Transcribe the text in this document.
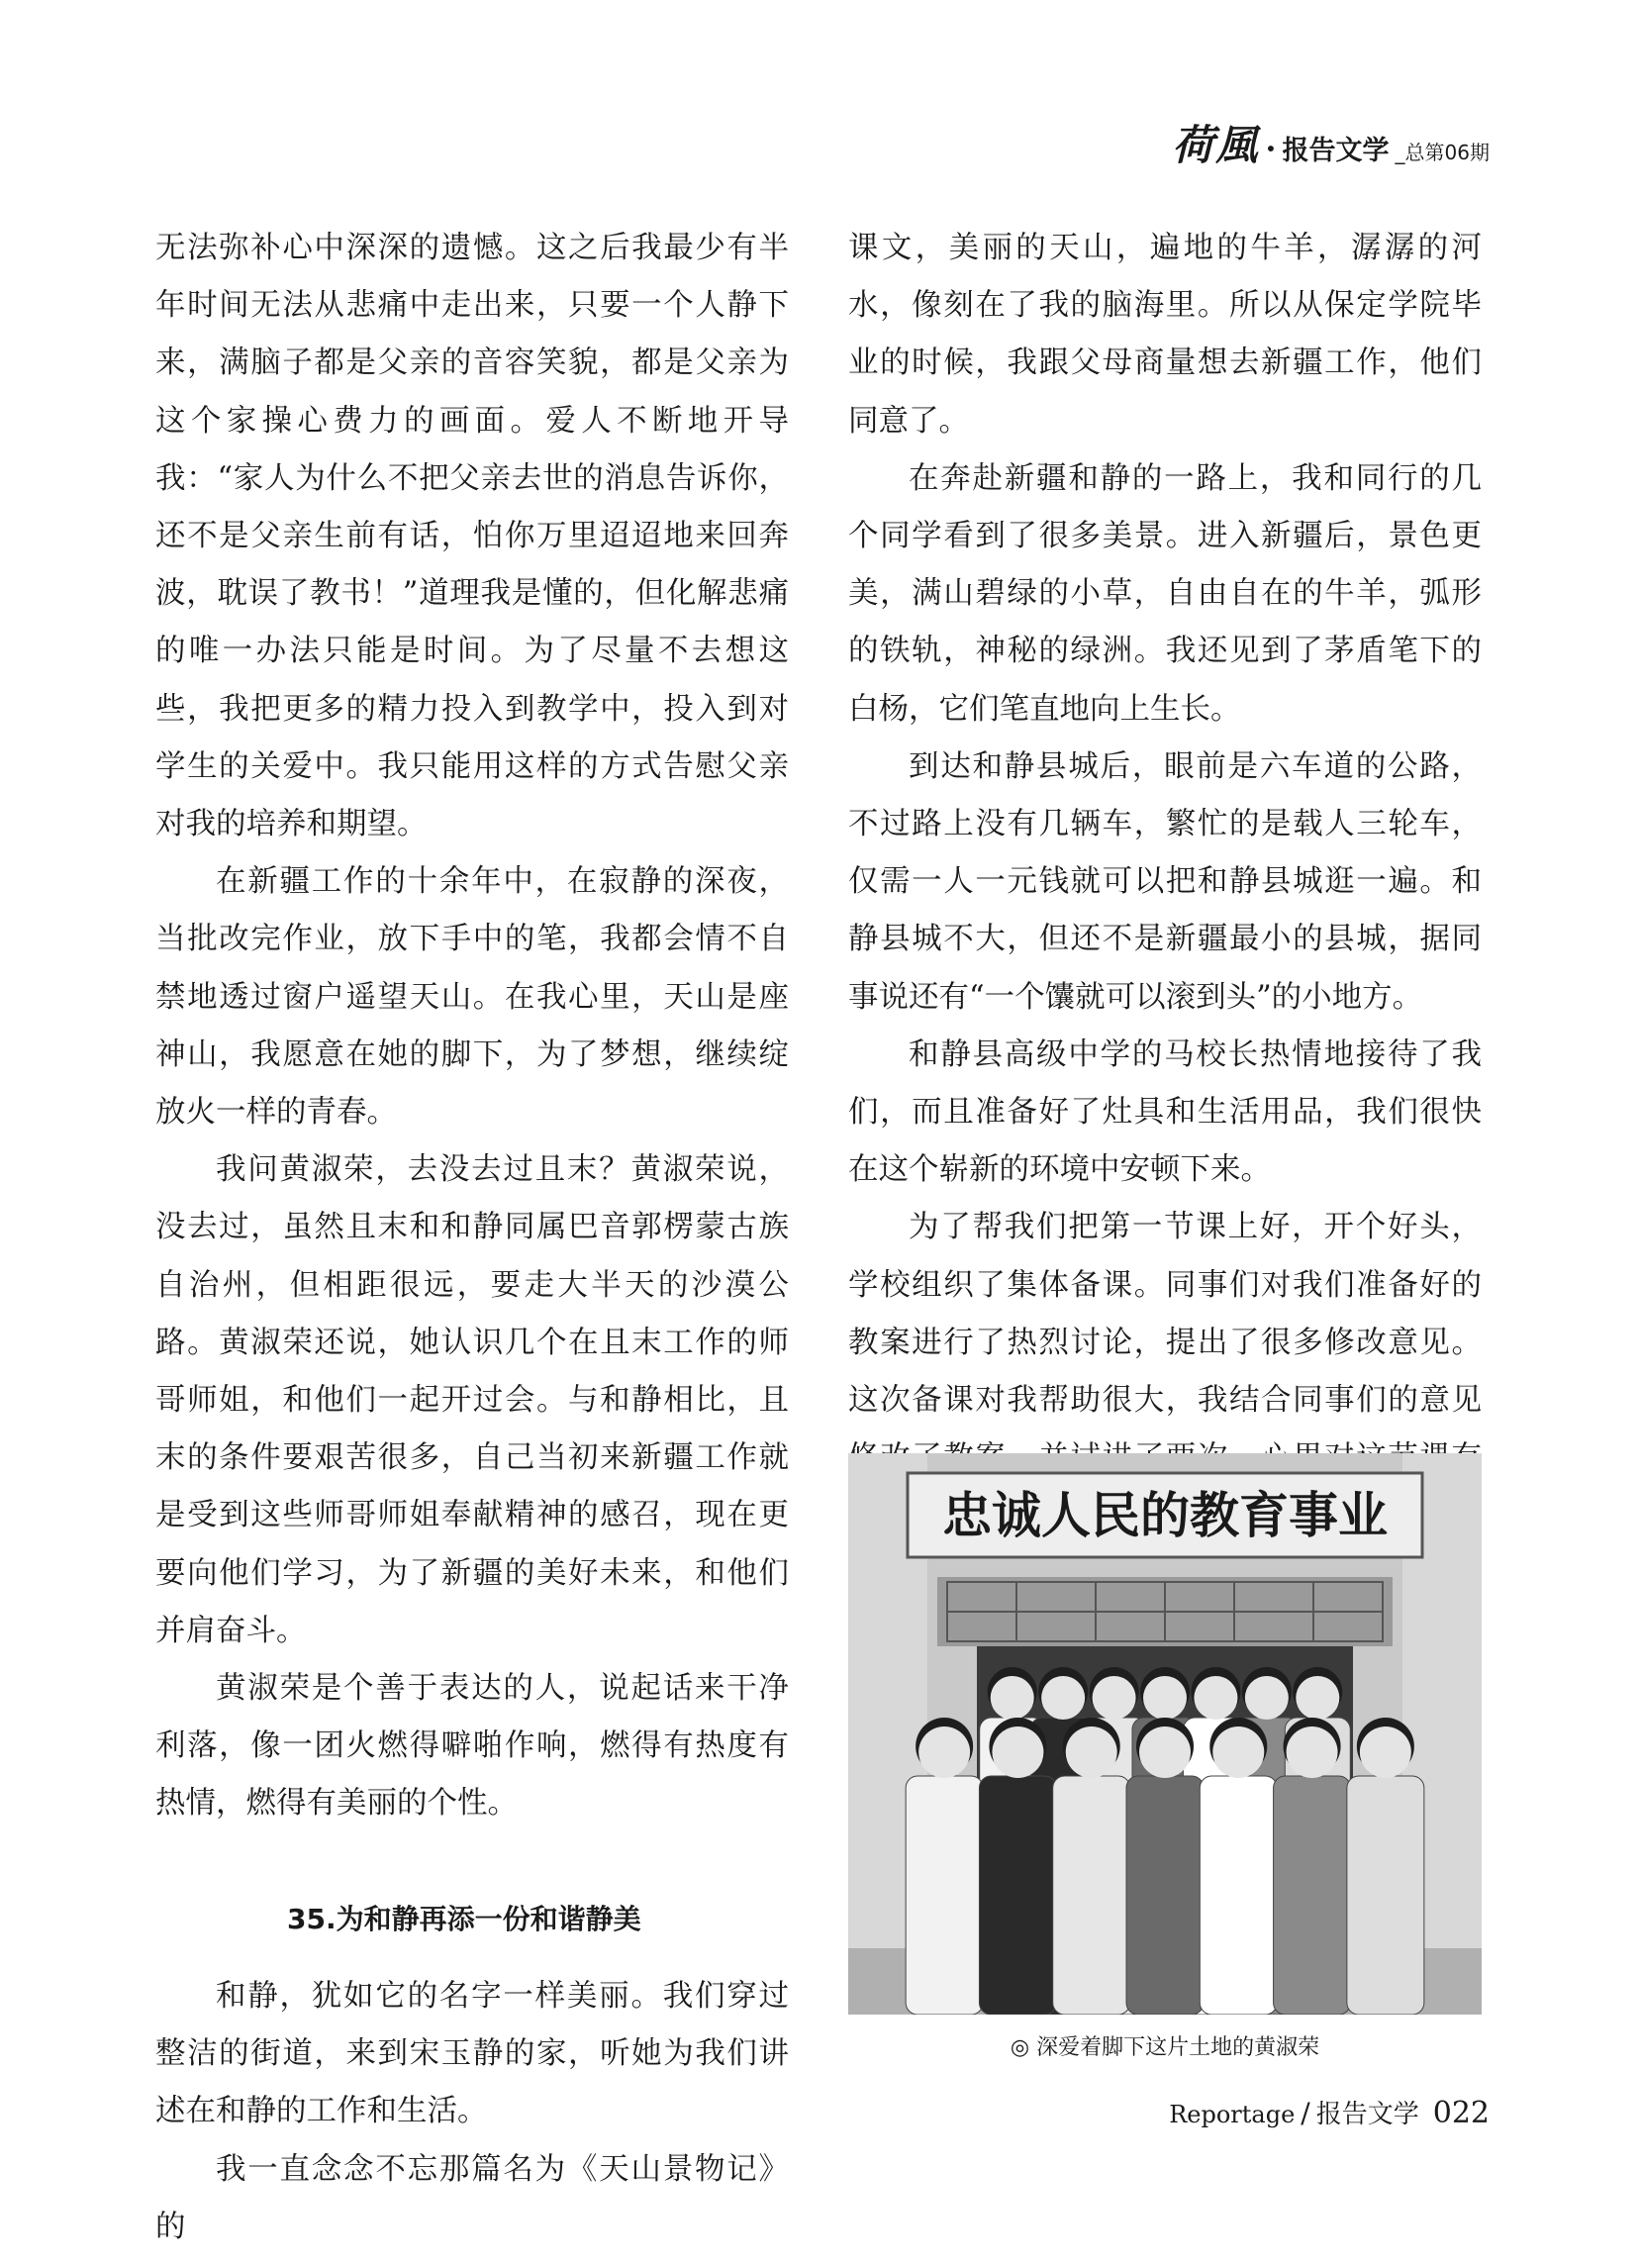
荷風 · 报告文学 _总第06期

无法弥补心中深深的遗憾。这之后我最少有半年时间无法从悲痛中走出来，只要一个人静下来，满脑子都是父亲的音容笑貌，都是父亲为这个家操心费力的画面。爱人不断地开导我：“家人为什么不把父亲去世的消息告诉你，还不是父亲生前有话，怕你万里迢迢地来回奔波，耽误了教书！”道理我是懂的，但化解悲痛的唯一办法只能是时间。为了尽量不去想这些，我把更多的精力投入到教学中，投入到对学生的关爱中。我只能用这样的方式告慰父亲对我的培养和期望。

在新疆工作的十余年中，在寂静的深夜，当批改完作业，放下手中的笔，我都会情不自禁地透过窗户遥望天山。在我心里，天山是座神山，我愿意在她的脚下，为了梦想，继续绽放火一样的青春。

我问黄淑荣，去没去过且末？黄淑荣说，没去过，虽然且末和和静同属巴音郭楞蒙古族自治州，但相距很远，要走大半天的沙漠公路。黄淑荣还说，她认识几个在且末工作的师哥师姐，和他们一起开过会。与和静相比，且末的条件要艰苦很多，自己当初来新疆工作就是受到这些师哥师姐奉献精神的感召，现在更要向他们学习，为了新疆的美好未来，和他们并肩奋斗。

黄淑荣是个善于表达的人，说起话来干净利落，像一团火燃得噼啪作响，燃得有热度有热情，燃得有美丽的个性。

35.为和静再添一份和谐静美

和静，犹如它的名字一样美丽。我们穿过整洁的街道，来到宋玉静的家，听她为我们讲述在和静的工作和生活。

我一直念念不忘那篇名为《天山景物记》的

课文，美丽的天山，遍地的牛羊，潺潺的河水，像刻在了我的脑海里。所以从保定学院毕业的时候，我跟父母商量想去新疆工作，他们同意了。

在奔赴新疆和静的一路上，我和同行的几个同学看到了很多美景。进入新疆后，景色更美，满山碧绿的小草，自由自在的牛羊，弧形的铁轨，神秘的绿洲。我还见到了茅盾笔下的白杨，它们笔直地向上生长。

到达和静县城后，眼前是六车道的公路，不过路上没有几辆车，繁忙的是载人三轮车，仅需一人一元钱就可以把和静县城逛一遍。和静县城不大，但还不是新疆最小的县城，据同事说还有“一个馕就可以滚到头”的小地方。

和静县高级中学的马校长热情地接待了我们，而且准备好了灶具和生活用品，我们很快在这个崭新的环境中安顿下来。

为了帮我们把第一节课上好，开个好头，学校组织了集体备课。同事们对我们准备好的教案进行了热烈讨论，提出了很多修改意见。这次备课对我帮助很大，我结合同事们的意见

忠诚人民的教育事业
◎ 深爱着脚下这片土地的黄淑荣
Reportage / 报告文学 022
